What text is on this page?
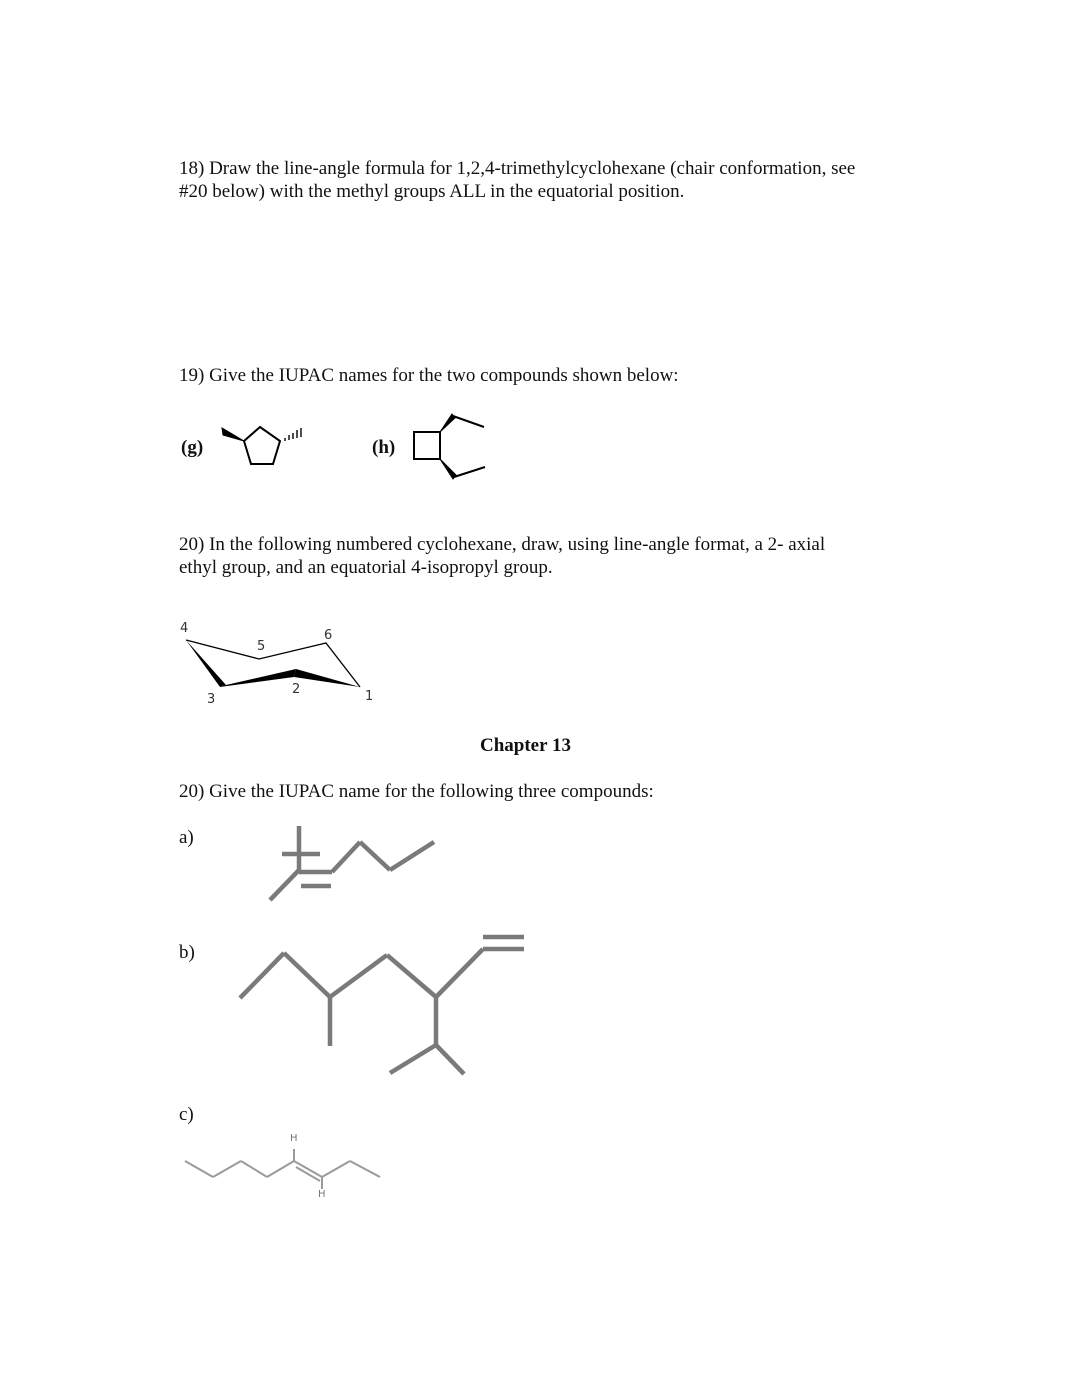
18) Draw the line-angle formula for 1,2,4-trimethylcyclohexane (chair conformation, see

#20 below) with the methyl groups ALL in the equatorial position.

19) Give the IUPAC names for the two compounds shown below:

(g)	(h)

20) In the following numbered cyclohexane, draw, using line-angle format, a 2- axial

ethyl group, and an equatorial 4-isopropyl group.

4
5
6
3
2	1

Chapter 13

20) Give the IUPAC name for the following three compounds:

a)
b)
c)
H
H
